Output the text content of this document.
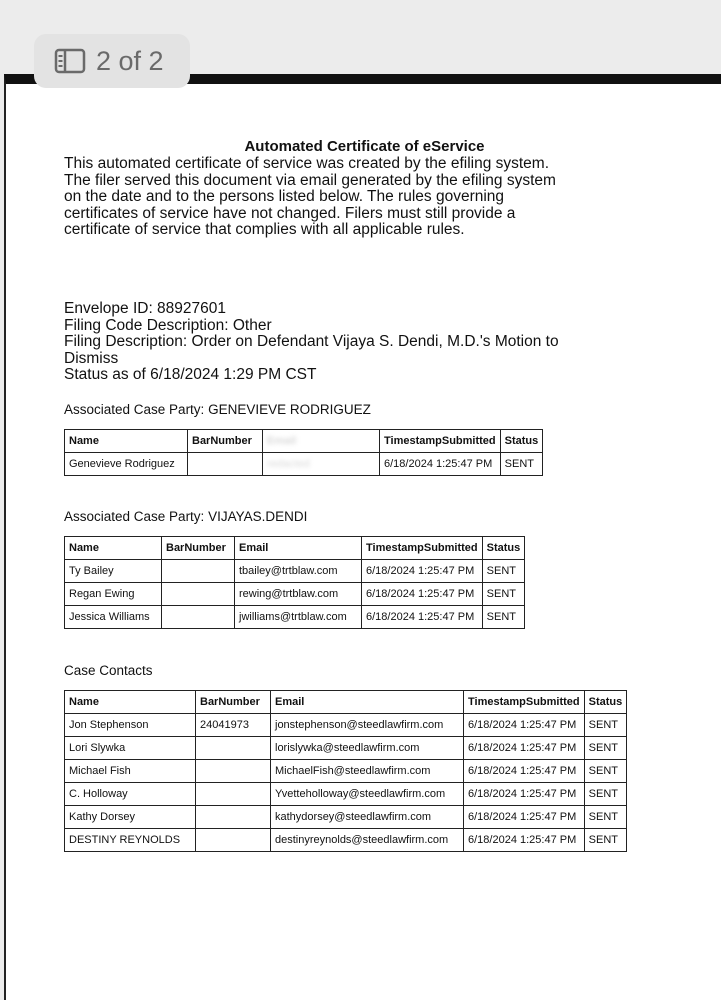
2 of 2
Automated Certificate of eService
This automated certificate of service was created by the efiling system.
The filer served this document via email generated by the efiling system
on the date and to the persons listed below. The rules governing
certificates of service have not changed. Filers must still provide a
certificate of service that complies with all applicable rules.
Envelope ID: 88927601
Filing Code Description: Other
Filing Description: Order on Defendant Vijaya S. Dendi, M.D.'s Motion to
Dismiss
Status as of 6/18/2024 1:29 PM CST
Associated Case Party: GENEVIEVE RODRIGUEZ
Name	BarNumber	Email	TimestampSubmitted	Status
Genevieve Rodriguez		redacted	6/18/2024 1:25:47 PM	SENT
Associated Case Party: VIJAYAS.DENDI
Name	BarNumber	Email	TimestampSubmitted	Status
Ty Bailey		tbailey@trtblaw.com	6/18/2024 1:25:47 PM	SENT
Regan Ewing		rewing@trtblaw.com	6/18/2024 1:25:47 PM	SENT
Jessica Williams		jwilliams@trtblaw.com	6/18/2024 1:25:47 PM	SENT
Case Contacts
Name	BarNumber	Email	TimestampSubmitted	Status
Jon Stephenson	24041973	jonstephenson@steedlawfirm.com	6/18/2024 1:25:47 PM	SENT
Lori Slywka		lorislywka@steedlawfirm.com	6/18/2024 1:25:47 PM	SENT
Michael Fish		MichaelFish@steedlawfirm.com	6/18/2024 1:25:47 PM	SENT
C. Holloway		Yvetteholloway@steedlawfirm.com	6/18/2024 1:25:47 PM	SENT
Kathy Dorsey		kathydorsey@steedlawfirm.com	6/18/2024 1:25:47 PM	SENT
DESTINY REYNOLDS		destinyreynolds@steedlawfirm.com	6/18/2024 1:25:47 PM	SENT
